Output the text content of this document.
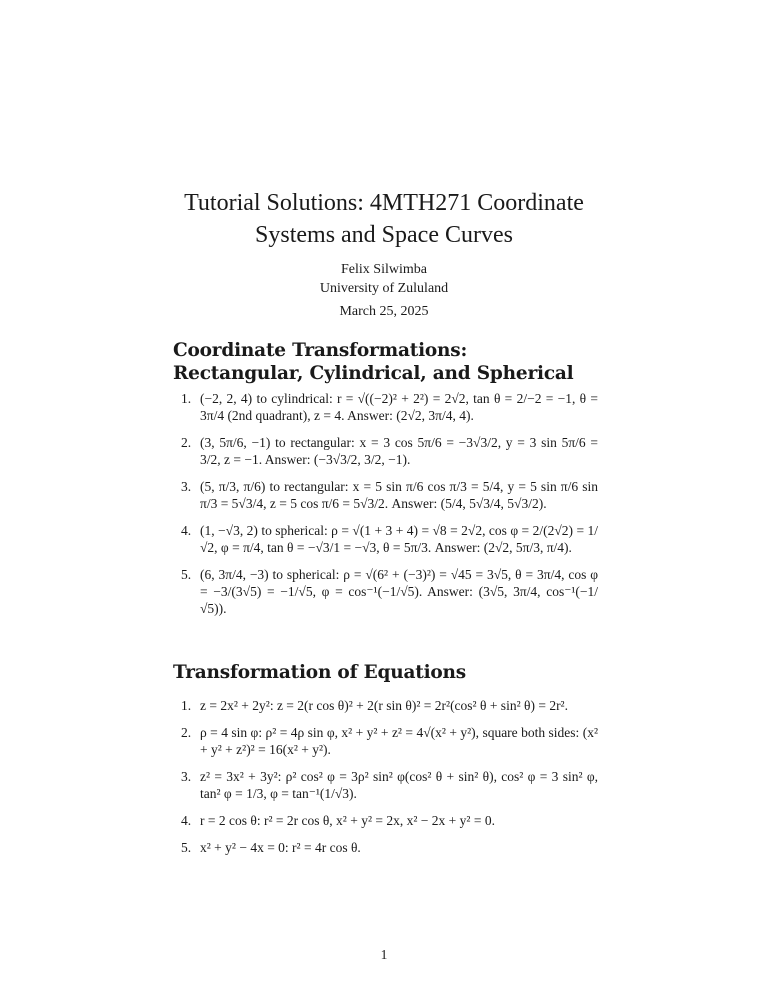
Tutorial Solutions: 4MTH271 Coordinate
Systems and Space Curves
Felix Silwimba
University of Zululand
March 25, 2025
Coordinate Transformations: Rectangular, Cylindrical, and Spherical
1. (−2, 2, 4) to cylindrical: r = √((−2)² + 2²) = 2√2, tan θ = 2/−2 = −1, θ = 3π/4 (2nd quadrant), z = 4. Answer: (2√2, 3π/4, 4).
2. (3, 5π/6, −1) to rectangular: x = 3 cos 5π/6 = −3√3/2, y = 3 sin 5π/6 = 3/2, z = −1. Answer: (−3√3/2, 3/2, −1).
3. (5, π/3, π/6) to rectangular: x = 5 sin π/6 cos π/3 = 5/4, y = 5 sin π/6 sin π/3 = 5√3/4, z = 5 cos π/6 = 5√3/2. Answer: (5/4, 5√3/4, 5√3/2).
4. (1, −√3, 2) to spherical: ρ = √(1 + 3 + 4) = √8 = 2√2, cos φ = 2/(2√2) = 1/√2, φ = π/4, tan θ = −√3/1 = −√3, θ = 5π/3. Answer: (2√2, 5π/3, π/4).
5. (6, 3π/4, −3) to spherical: ρ = √(6² + (−3)²) = √45 = 3√5, θ = 3π/4, cos φ = −3/(3√5) = −1/√5, φ = cos⁻¹(−1/√5). Answer: (3√5, 3π/4, cos⁻¹(−1/√5)).
Transformation of Equations
1. z = 2x² + 2y²: z = 2(r cos θ)² + 2(r sin θ)² = 2r²(cos² θ + sin² θ) = 2r².
2. ρ = 4 sin φ: ρ² = 4ρ sin φ, x² + y² + z² = 4√(x² + y²), square both sides: (x² + y² + z²)² = 16(x² + y²).
3. z² = 3x² + 3y²: ρ² cos² φ = 3ρ² sin² φ(cos² θ + sin² θ), cos² φ = 3 sin² φ, tan² φ = 1/3, φ = tan⁻¹(1/√3).
4. r = 2 cos θ: r² = 2r cos θ, x² + y² = 2x, x² − 2x + y² = 0.
5. x² + y² − 4x = 0: r² = 4r cos θ.
1
